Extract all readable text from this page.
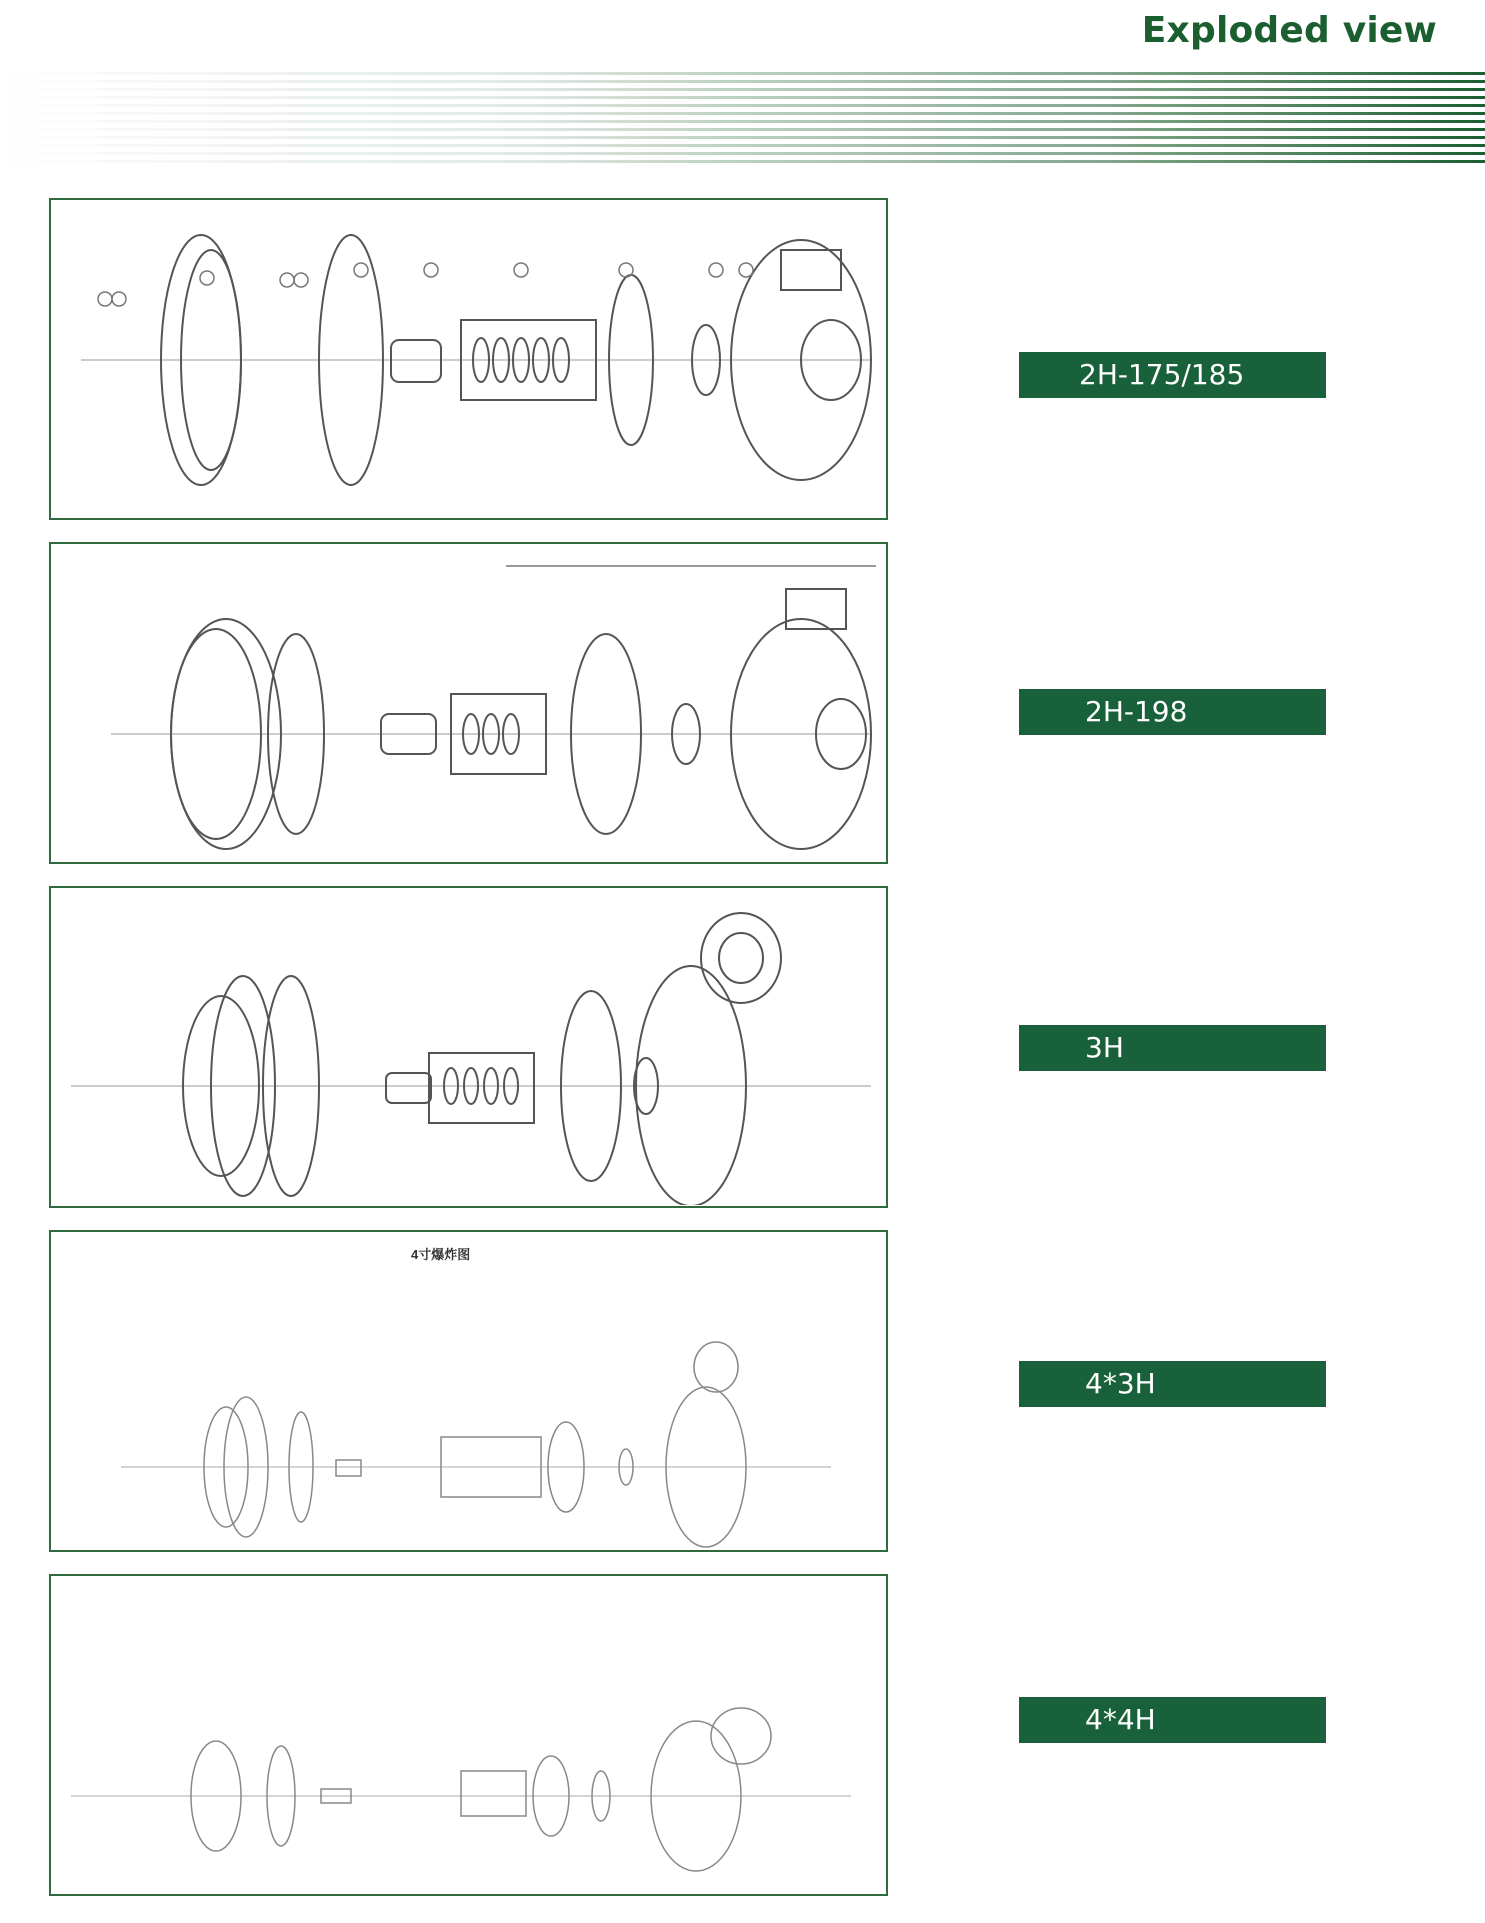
Exploded view
2H-175/185
2H-198
3H
4寸爆炸图
4*3H
4*4H
